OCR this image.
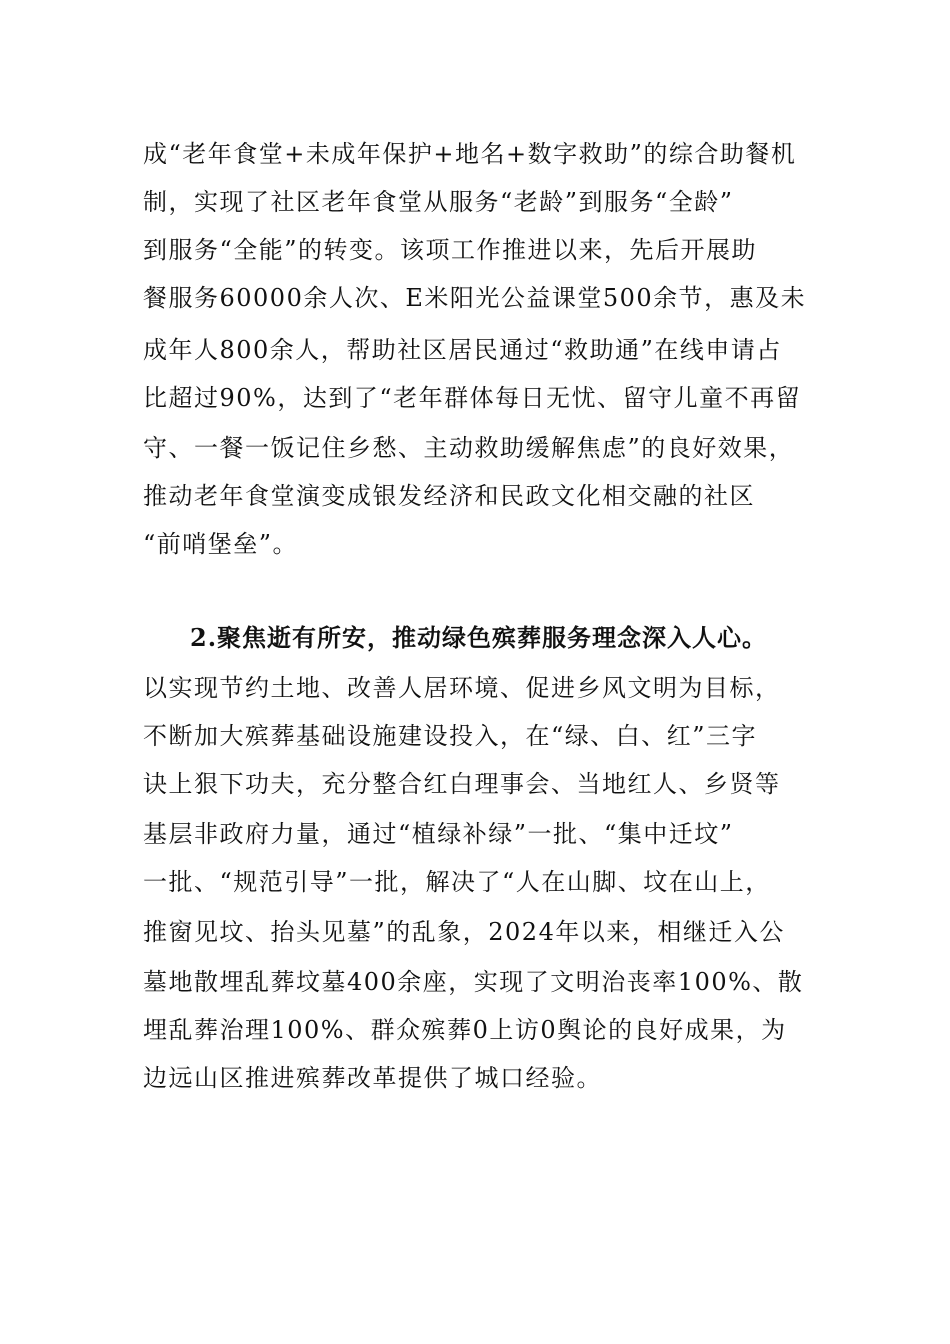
成“老年食堂+未成年保护+地名+数字救助”的综合助餐机
制，实现了社区老年食堂从服务“老龄”到服务“全龄”
到服务“全能”的转变。该项工作推进以来，先后开展助
餐服务60000余人次、E米阳光公益课堂500余节，惠及未
成年人800余人，帮助社区居民通过“救助通”在线申请占
比超过90%，达到了“老年群体每日无忧、留守儿童不再留
守、一餐一饭记住乡愁、主动救助缓解焦虑”的良好效果，
推动老年食堂演变成银发经济和民政文化相交融的社区
“前哨堡垒”。
2.聚焦逝有所安，推动绿色殡葬服务理念深入人心。
以实现节约土地、改善人居环境、促进乡风文明为目标，
不断加大殡葬基础设施建设投入，在“绿、白、红”三字
诀上狠下功夫，充分整合红白理事会、当地红人、乡贤等
基层非政府力量，通过“植绿补绿”一批、“集中迁坟”
一批、“规范引导”一批，解决了“人在山脚、坟在山上，
推窗见坟、抬头见墓”的乱象，2024年以来，相继迁入公
墓地散埋乱葬坟墓400余座，实现了文明治丧率100%、散
埋乱葬治理100%、群众殡葬0上访0舆论的良好成果，为
边远山区推进殡葬改革提供了城口经验。
